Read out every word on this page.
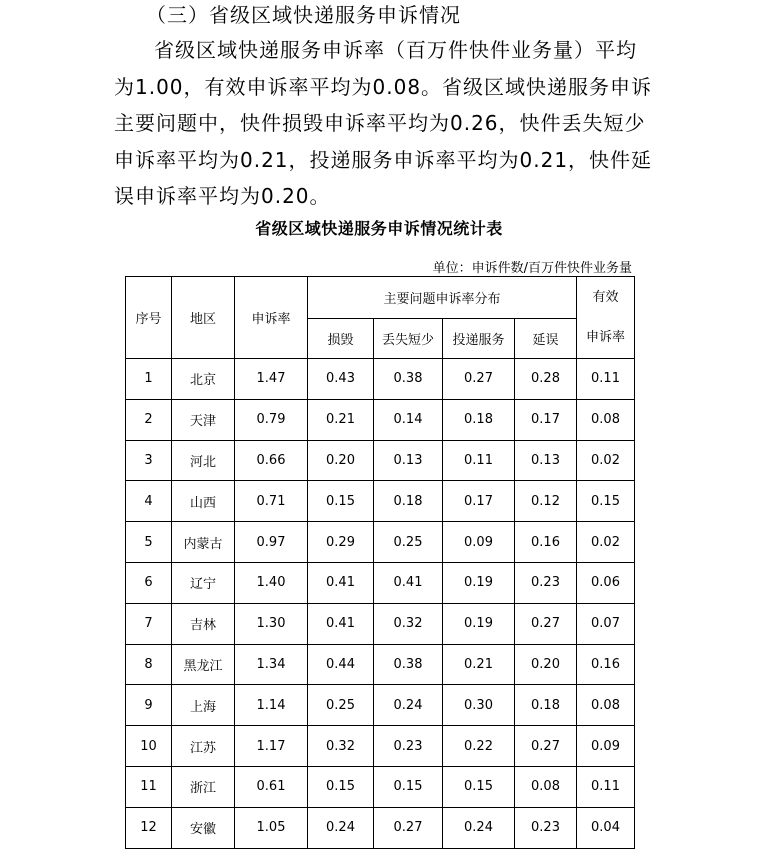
（三）省级区域快递服务申诉情况

省级区域快递服务申诉率（百万件快件业务量）平均为1.00，有效申诉率平均为0.08。省级区域快递服务申诉主要问题中，快件损毁申诉率平均为0.26，快件丢失短少申诉率平均为0.21，投递服务申诉率平均为0.21，快件延误申诉率平均为0.20。

省级区域快递服务申诉情况统计表
单位：申诉件数/百万件快件业务量
序号	地区	申诉率	主要问题申诉率分布				有效
申诉率

			损毁	丢失短少	投递服务	延误	
1	北京	1.47	0.43	0.38	0.27	0.28	0.11
2	天津	0.79	0.21	0.14	0.18	0.17	0.08
3	河北	0.66	0.20	0.13	0.11	0.13	0.02
4	山西	0.71	0.15	0.18	0.17	0.12	0.15
5	内蒙古	0.97	0.29	0.25	0.09	0.16	0.02
6	辽宁	1.40	0.41	0.41	0.19	0.23	0.06
7	吉林	1.30	0.41	0.32	0.19	0.27	0.07
8	黑龙江	1.34	0.44	0.38	0.21	0.20	0.16
9	上海	1.14	0.25	0.24	0.30	0.18	0.08
10	江苏	1.17	0.32	0.23	0.22	0.27	0.09
11	浙江	0.61	0.15	0.15	0.15	0.08	0.11
12	安徽	1.05	0.24	0.27	0.24	0.23	0.04
